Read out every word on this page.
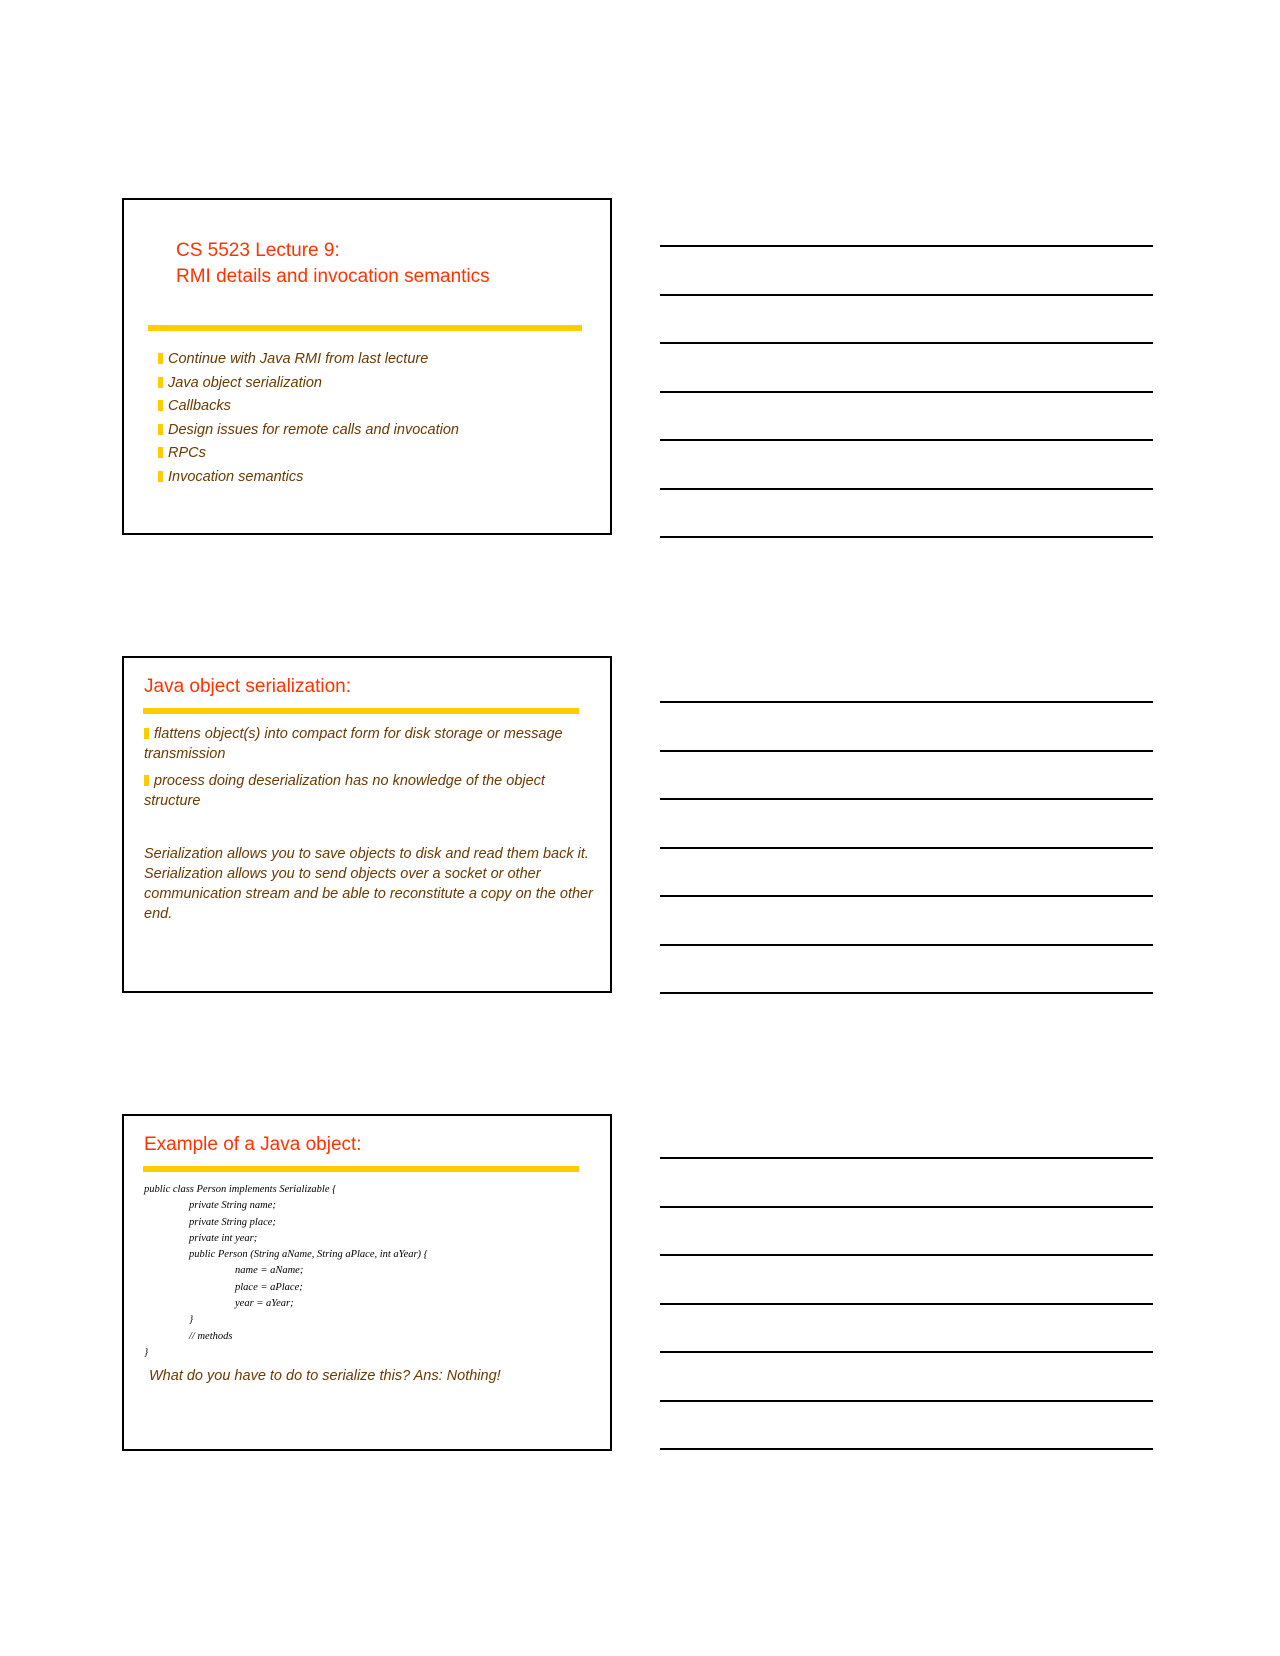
CS 5523 Lecture 9:
RMI details and invocation semantics
Continue with Java RMI from last lecture
Java object serialization
Callbacks
Design issues for remote calls and invocation
RPCs
Invocation semantics
Java object serialization:
flattens object(s) into compact form for disk storage or message transmission
process doing deserialization has no knowledge of the object structure

Serialization allows you to save objects to disk and read them back it. Serialization allows you to send objects over a socket or other communication stream and be able to reconstitute a copy on the other end.

Example of a Java object:
public class Person implements Serializable {
private String name;
private String place;
private int year;
public Person (String aName, String aPlace, int aYear) {
name = aName;
place = aPlace;
year = aYear;
}
// methods
}

What do you have to do to serialize this? Ans: Nothing!
